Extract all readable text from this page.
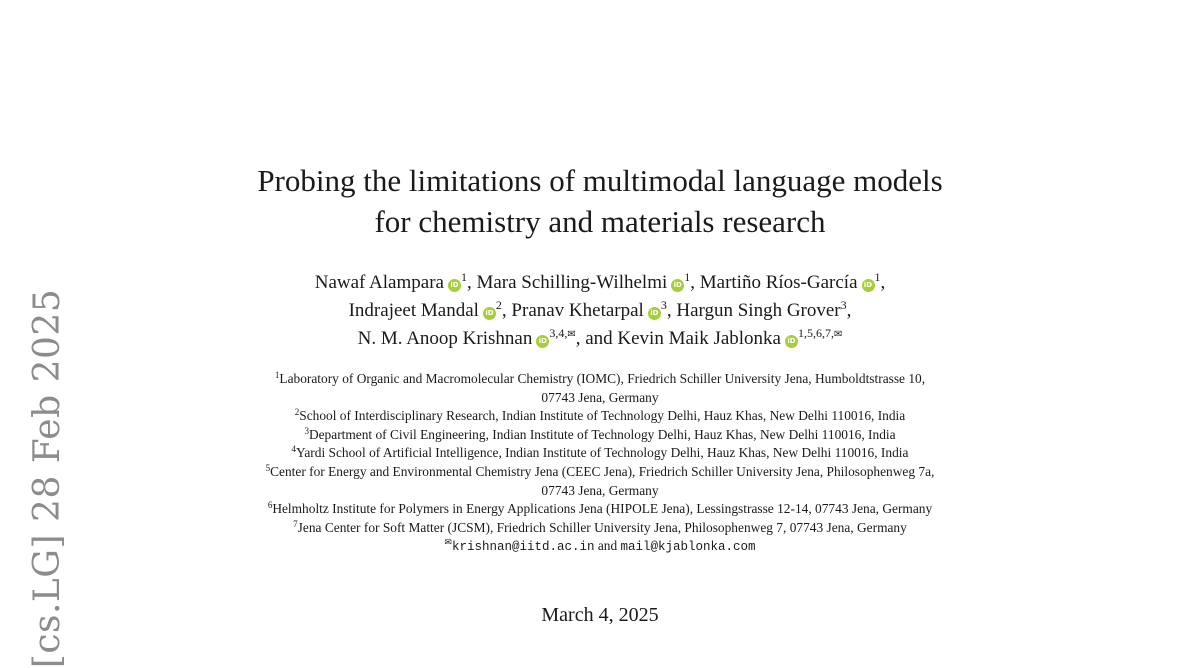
[cs.LG] 28 Feb 2025
Probing the limitations of multimodal language models
for chemistry and materials research
Nawaf Alampara $iD^1$, Mara Schilling-Wilhelmi $iD^1$, Martiño Ríos-García $iD^1$,
Indrajeet Mandal $iD^2$, Pranav Khetarpal $iD^3$, Hargun Singh Grover$^3$,
N. M. Anoop Krishnan $iD^{3,4,✉}$, and Kevin Maik Jablonka $iD^{1,5,6,7,✉}$
$^1$Laboratory of Organic and Macromolecular Chemistry (IOMC), Friedrich Schiller University Jena, Humboldtstrasse 10,
07743 Jena, Germany
$^2$School of Interdisciplinary Research, Indian Institute of Technology Delhi, Hauz Khas, New Delhi 110016, India
$^3$Department of Civil Engineering, Indian Institute of Technology Delhi, Hauz Khas, New Delhi 110016, India
$^4$Yardi School of Artificial Intelligence, Indian Institute of Technology Delhi, Hauz Khas, New Delhi 110016, India
$^5$Center for Energy and Environmental Chemistry Jena (CEEC Jena), Friedrich Schiller University Jena, Philosophenweg 7a,
07743 Jena, Germany
$^6$Helmholtz Institute for Polymers in Energy Applications Jena (HIPOLE Jena), Lessingstrasse 12-14, 07743 Jena, Germany
$^7$Jena Center for Soft Matter (JCSM), Friedrich Schiller University Jena, Philosophenweg 7, 07743 Jena, Germany
✉krishnan@iitd.ac.in and mail@kjablonka.com
March 4, 2025
